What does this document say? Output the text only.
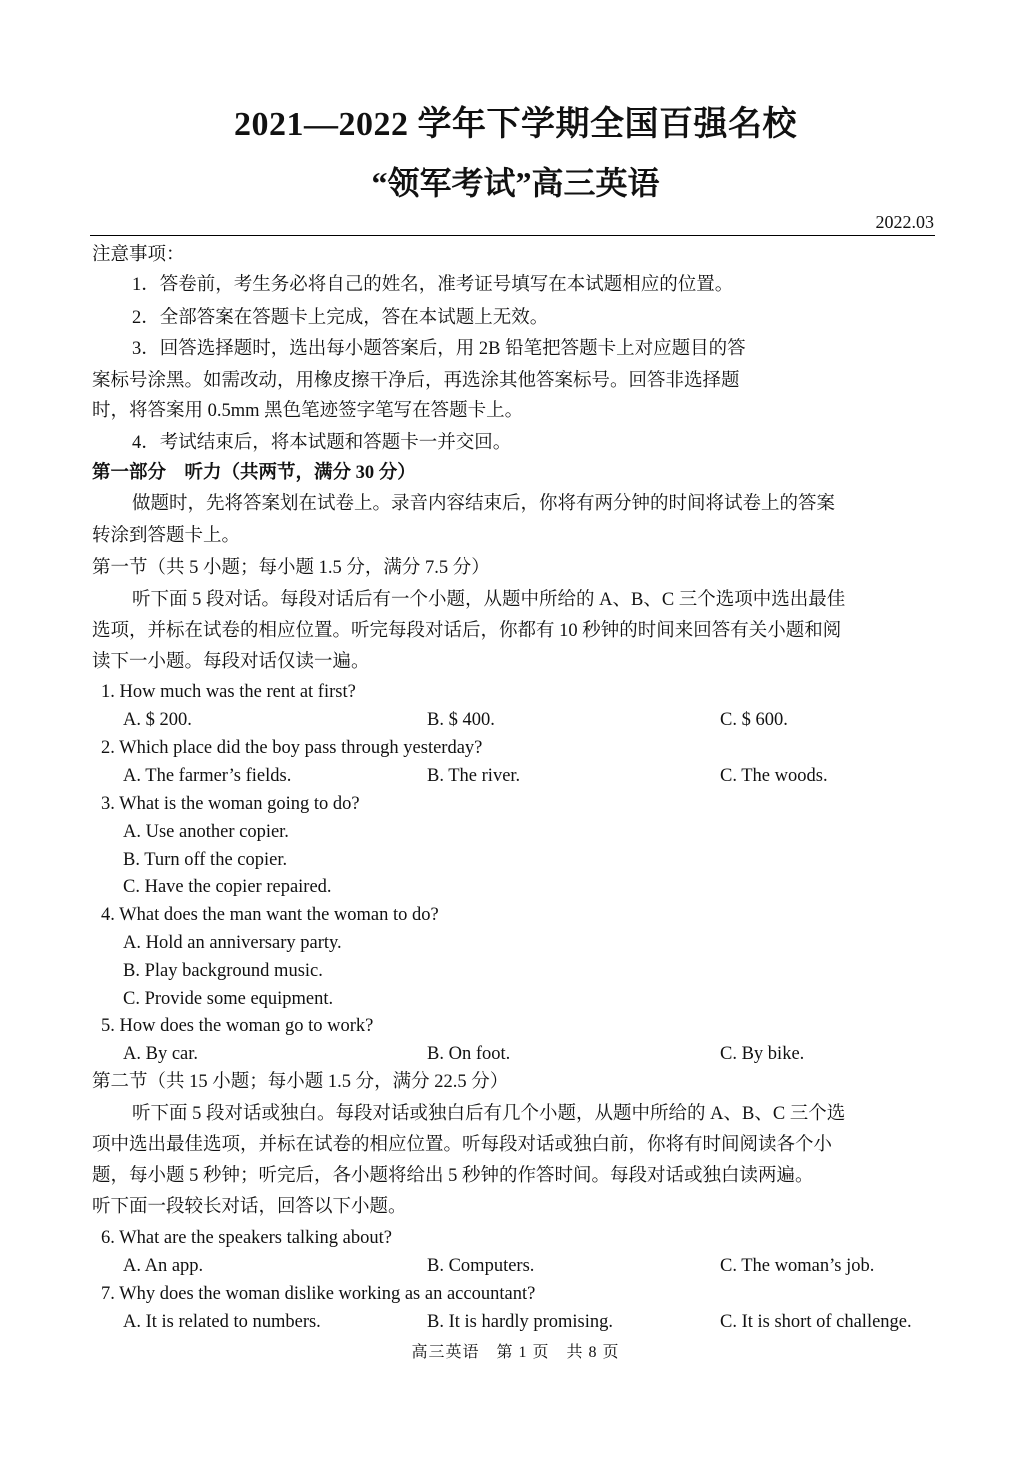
2021—2022 学年下学期全国百强名校
“领军考试”高三英语
2022.03
注意事项：
1．答卷前，考生务必将自己的姓名，准考证号填写在本试题相应的位置。
2．全部答案在答题卡上完成，答在本试题上无效。
3．回答选择题时，选出每小题答案后，用 2B 铅笔把答题卡上对应题目的答
案标号涂黑。如需改动，用橡皮擦干净后，再选涂其他答案标号。回答非选择题
时，将答案用 0.5mm 黑色笔迹签字笔写在答题卡上。
4．考试结束后，将本试题和答题卡一并交回。
第一部分　听力（共两节，满分 30 分）
做题时，先将答案划在试卷上。录音内容结束后，你将有两分钟的时间将试卷上的答案
转涂到答题卡上。
第一节（共 5 小题；每小题 1.5 分，满分 7.5 分）
听下面 5 段对话。每段对话后有一个小题，从题中所给的 A、B、C 三个选项中选出最佳
选项，并标在试卷的相应位置。听完每段对话后，你都有 10 秒钟的时间来回答有关小题和阅
读下一小题。每段对话仅读一遍。
1. How much was the rent at first?
A. $ 200.	B. $ 400.	C. $ 600.
2. Which place did the boy pass through yesterday?
A. The farmer’s fields.	B. The river.	C. The woods.
3. What is the woman going to do?
A. Use another copier.
B. Turn off the copier.
C. Have the copier repaired.
4. What does the man want the woman to do?
A. Hold an anniversary party.
B. Play background music.
C. Provide some equipment.
5. How does the woman go to work?
A. By car.	B. On foot.	C. By bike.
第二节（共 15 小题；每小题 1.5 分，满分 22.5 分）
听下面 5 段对话或独白。每段对话或独白后有几个小题，从题中所给的 A、B、C 三个选
项中选出最佳选项，并标在试卷的相应位置。听每段对话或独白前，你将有时间阅读各个小
题，每小题 5 秒钟；听完后，各小题将给出 5 秒钟的作答时间。每段对话或独白读两遍。
听下面一段较长对话，回答以下小题。
6. What are the speakers talking about?
A. An app.	B. Computers.	C. The woman’s job.
7. Why does the woman dislike working as an accountant?
A. It is related to numbers.	B. It is hardly promising.	C. It is short of challenge.
高三英语　第 1 页　共 8 页
